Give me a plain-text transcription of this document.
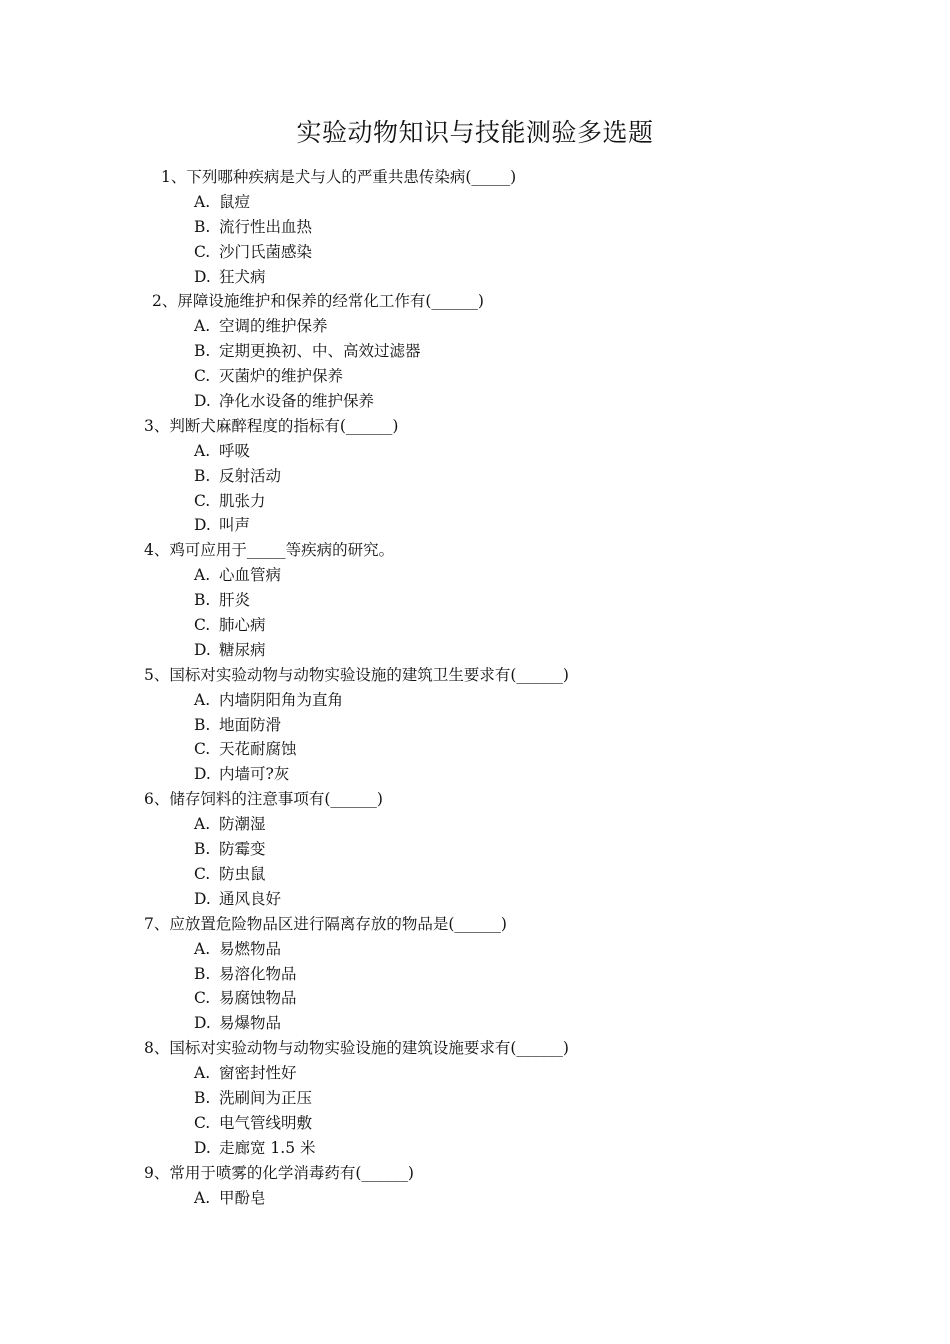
实验动物知识与技能测验多选题
1、下列哪种疾病是犬与人的严重共患传染病(_____)
A. 鼠痘
B. 流行性出血热
C. 沙门氏菌感染
D. 狂犬病
2、屏障设施维护和保养的经常化工作有(______)
A. 空调的维护保养
B. 定期更换初、中、高效过滤器
C. 灭菌炉的维护保养
D. 净化水设备的维护保养
3、判断犬麻醉程度的指标有(______)
A. 呼吸
B. 反射活动
C. 肌张力
D. 叫声
4、鸡可应用于_____等疾病的研究。
A. 心血管病
B. 肝炎
C. 肺心病
D. 糖尿病
5、国标对实验动物与动物实验设施的建筑卫生要求有(______)
A. 内墙阴阳角为直角
B. 地面防滑
C. 天花耐腐蚀
D. 内墙可?灰
6、储存饲料的注意事项有(______)
A. 防潮湿
B. 防霉变
C. 防虫鼠
D. 通风良好
7、应放置危险物品区进行隔离存放的物品是(______)
A. 易燃物品
B. 易溶化物品
C. 易腐蚀物品
D. 易爆物品
8、国标对实验动物与动物实验设施的建筑设施要求有(______)
A. 窗密封性好
B. 洗刷间为正压
C. 电气管线明敷
D. 走廊宽 1.5 米
9、常用于喷雾的化学消毒药有(______)
A. 甲酚皂
